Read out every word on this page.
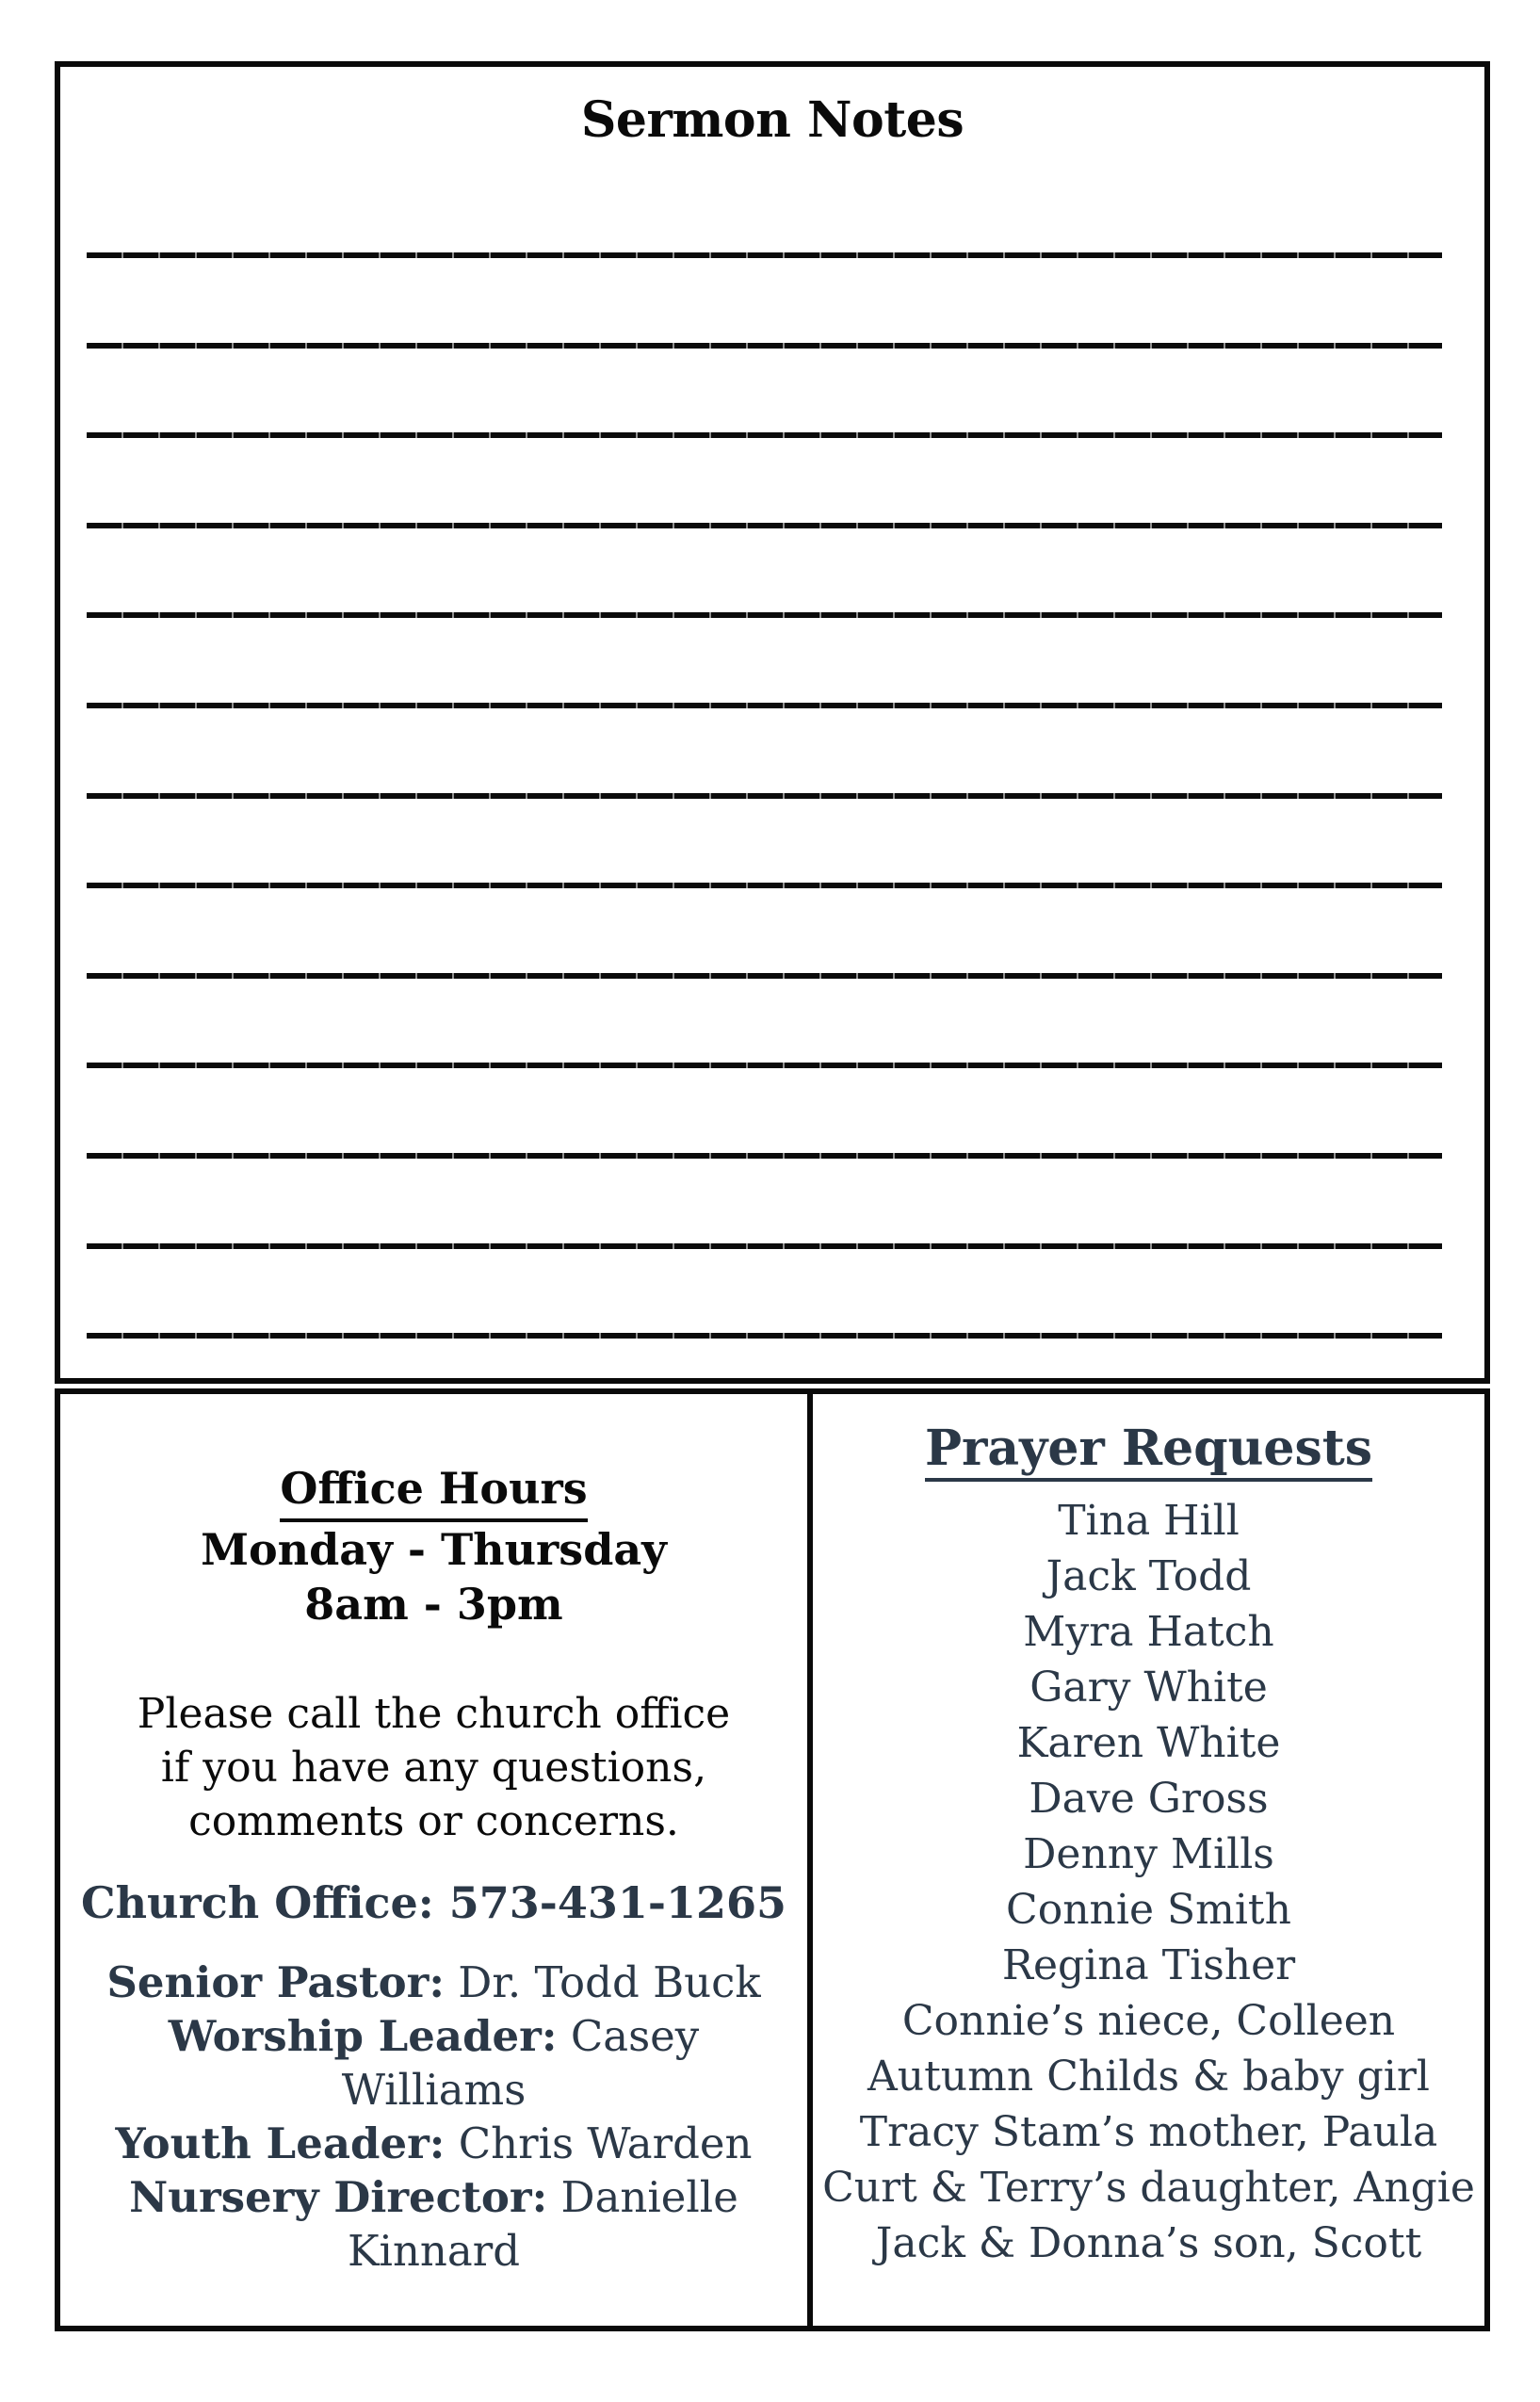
Sermon Notes
Office Hours
Monday - Thursday
8am - 3pm
Please call the church office
if you have any questions,
comments or concerns.
Church Office: 573-431-1265
Senior Pastor: Dr. Todd Buck
Worship Leader: Casey Williams
Youth Leader: Chris Warden
Nursery Director: Danielle
Kinnard
Prayer Requests
Tina Hill
Jack Todd
Myra Hatch
Gary White
Karen White
Dave Gross
Denny Mills
Connie Smith
Regina Tisher
Connie’s niece, Colleen
Autumn Childs & baby girl
Tracy Stam’s mother, Paula
Curt & Terry’s daughter, Angie
Jack & Donna’s son, Scott
